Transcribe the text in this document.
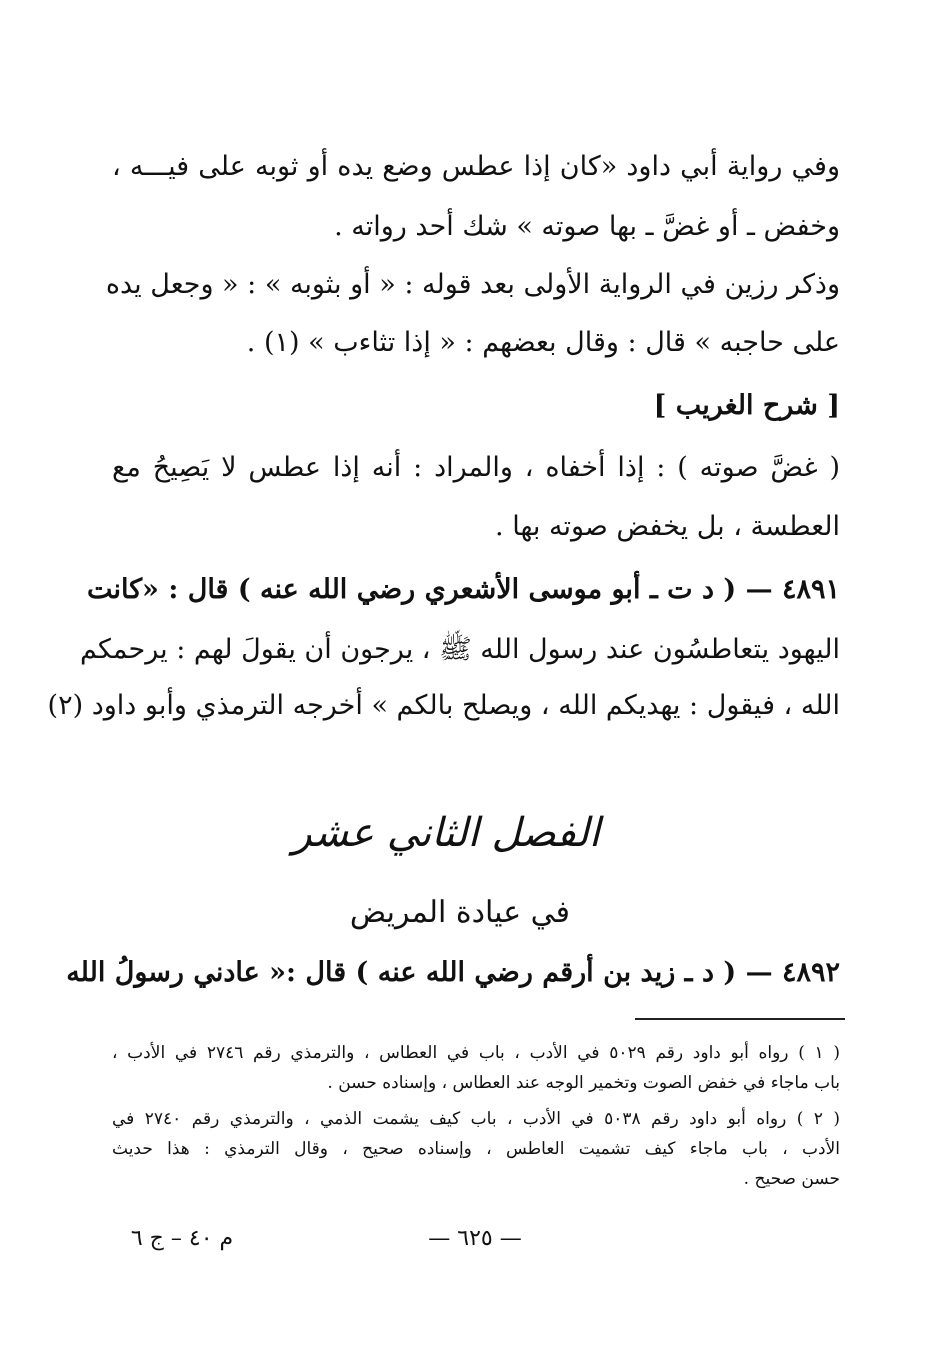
وفي رواية أبي داود «كان إذا عطس وضع يده أو ثوبه على فيـــه ،
وخفض ـ أو غضَّ ـ بها صوته » شك أحد رواته .
وذكر رزين في الرواية الأولى بعد قوله : « أو بثوبه » : « وجعل يده
على حاجبه » قال : وقال بعضهم : « إذا تثاءب » (١) .
[ شرح الغريب ]
( غضَّ صوته ) : إذا أخفاه ، والمراد : أنه إذا عطس لا يَصِيحُ مع
العطسة ، بل يخفض صوته بها .
٤٨٩١ — ( د ت ـ أبو موسى الأشعري رضي الله عنه ) قال : «كانت
اليهود يتعاطسُون عند رسول الله ﷺ ، يرجون أن يقولَ لهم : يرحمكم
الله ، فيقول : يهديكم الله ، ويصلح بالكم » أخرجه الترمذي وأبو داود (٢)
الفصل الثاني عشر
في عيادة المريض
٤٨٩٢ — ( د ـ زيد بن أرقم رضي الله عنه ) قال :« عادني رسولُ الله
( ١ ) رواه أبو داود رقم ٥٠٢٩ في الأدب ، باب في العطاس ، والترمذي رقم ٢٧٤٦ في الأدب ،
باب ماجاء في خفض الصوت وتخمير الوجه عند العطاس ، وإسناده حسن .
( ٢ ) رواه أبو داود رقم ٥٠٣٨ في الأدب ، باب كيف يشمت الذمي ، والترمذي رقم ٢٧٤٠ في
الأدب ، باب ماجاء كيف تشميت العاطس ، وإسناده صحيح ، وقال الترمذي : هذا حديث
حسن صحيح .
— ٦٢٥ —
م ٤٠ – ج ٦
